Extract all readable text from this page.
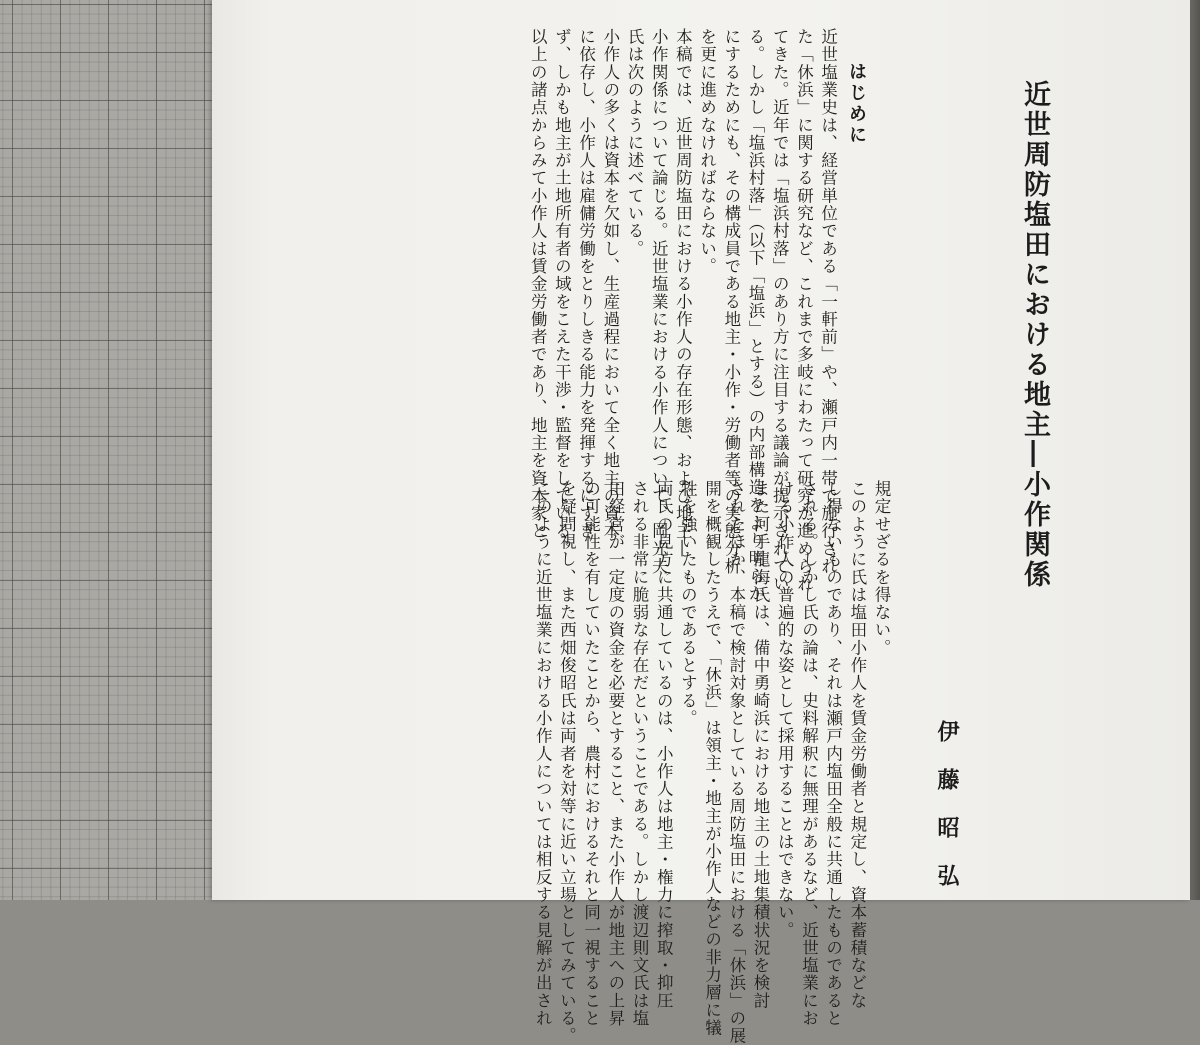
近世周防塩田における地主―小作関係
伊藤昭弘
はじめに
規定せざるを得ない。
このように氏は塩田小作人を賃金労働者と規定し、資本蓄積などな
し得ないものであり、それは瀬戸内塩田全般に共通したものであると
される。しかし氏の論は、史料解釈に無理があるなど、近世塩業にお
ける小作人の普遍的な姿として採用することはできない。
また河手龍海氏は、備中勇崎浜における地主の土地集積状況を検討
されたほか、本稿で検討対象としている周防塩田における「休浜」の展
開を概観したうえで、「休浜」は領主・地主が小作人などの非力層に犠
牲を強いたものであるとする。
両氏の見方に共通しているのは、小作人は地主・権力に搾取・抑圧
される非常に脆弱な存在だということである。しかし渡辺則文氏は塩
田経営が一定度の資金を必要とすること、また小作人が地主への上昇
の可能性を有していたことから、農村におけるそれと同一視すること
を疑問視し、また西畑俊昭氏は両者を対等に近い立場としてみている。
このように近世塩業における小作人については相反する見解が出され
近世塩業史は、経営単位である「一軒前」や、瀬戸内一帯で施行され
た「休浜」に関する研究など、これまで多岐にわたって研究が進められ
てきた。近年では「塩浜村落」のあり方に注目する議論が提示されてい
る。しかし「塩浜村落」（以下「塩浜」とする）の内部構造をより明らか
にするためにも、その構成員である地主・小作・労働者等の実態分析
を更に進めなければならない。
本稿では、近世周防塩田における小作人の存在形態、および地主―
小作関係について論じる。近世塩業における小作人について、岡光夫
氏は次のように述べている。
小作人の多くは資本を欠如し、生産過程において全く地主の資本
に依存し、小作人は雇傭労働をとりしきる能力を発揮するにすぎ
ず、しかも地主が土地所有者の域をこえた干渉・監督をしている。
以上の諸点からみて小作人は賃金労働者であり、地主を資本家と
